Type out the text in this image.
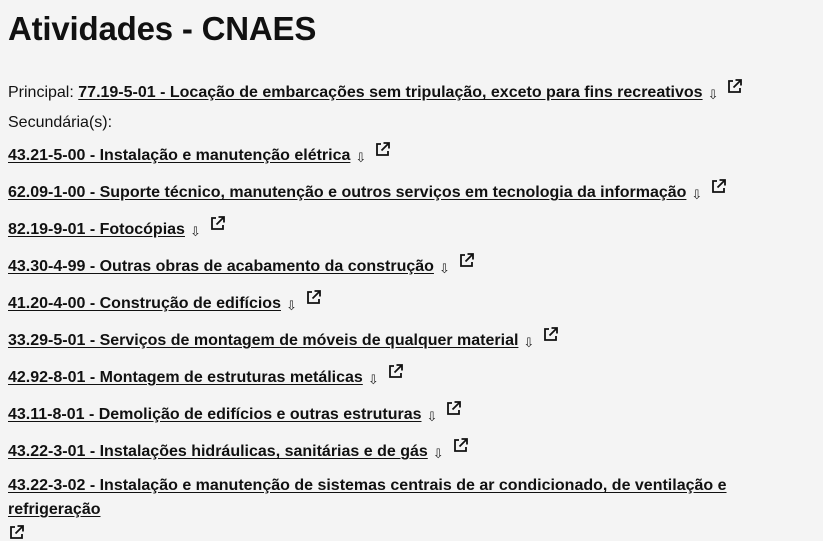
Atividades - CNAES
Principal: 77.19-5-01 - Locação de embarcações sem tripulação, exceto para fins recreativos ⇩
Secundária(s):
43.21-5-00 - Instalação e manutenção elétrica ⇩
62.09-1-00 - Suporte técnico, manutenção e outros serviços em tecnologia da informação ⇩
82.19-9-01 - Fotocópias ⇩
43.30-4-99 - Outras obras de acabamento da construção ⇩
41.20-4-00 - Construção de edifícios ⇩
33.29-5-01 - Serviços de montagem de móveis de qualquer material ⇩
42.92-8-01 - Montagem de estruturas metálicas ⇩
43.11-8-01 - Demolição de edifícios e outras estruturas ⇩
43.22-3-01 - Instalações hidráulicas, sanitárias e de gás ⇩
43.22-3-02 - Instalação e manutenção de sistemas centrais de ar condicionado, de ventilação e refrigeração
